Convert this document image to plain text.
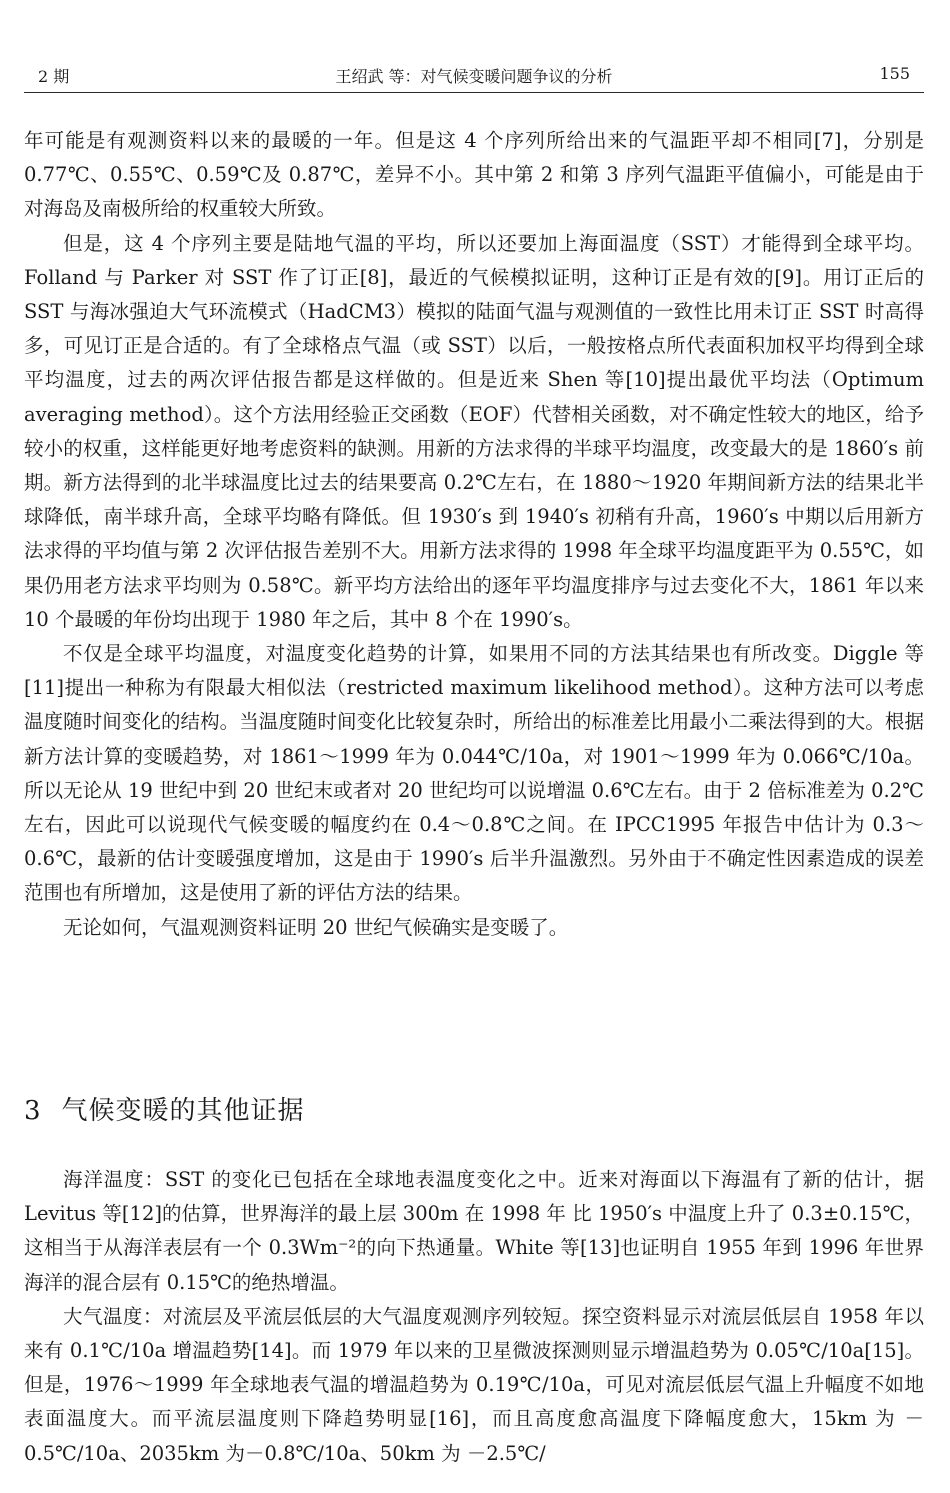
2 期	王绍武 等：对气候变暖问题争议的分析	155

年可能是有观测资料以来的最暖的一年。但是这 4 个序列所给出来的气温距平却不相同[7]，分别是 0.77℃、0.55℃、0.59℃及 0.87℃，差异不小。其中第 2 和第 3 序列气温距平值偏小，可能是由于对海岛及南极所给的权重较大所致。

但是，这 4 个序列主要是陆地气温的平均，所以还要加上海面温度（SST）才能得到全球平均。Folland 与 Parker 对 SST 作了订正[8]，最近的气候模拟证明，这种订正是有效的[9]。用订正后的 SST 与海冰强迫大气环流模式（HadCM3）模拟的陆面气温与观测值的一致性比用未订正 SST 时高得多，可见订正是合适的。有了全球格点气温（或 SST）以后，一般按格点所代表面积加权平均得到全球平均温度，过去的两次评估报告都是这样做的。但是近来 Shen 等[10]提出最优平均法（Optimum averaging method）。这个方法用经验正交函数（EOF）代替相关函数，对不确定性较大的地区，给予较小的权重，这样能更好地考虑资料的缺测。用新的方法求得的半球平均温度，改变最大的是 1860′s 前期。新方法得到的北半球温度比过去的结果要高 0.2℃左右，在 1880～1920 年期间新方法的结果北半球降低，南半球升高，全球平均略有降低。但 1930′s 到 1940′s 初稍有升高，1960′s 中期以后用新方法求得的平均值与第 2 次评估报告差别不大。用新方法求得的 1998 年全球平均温度距平为 0.55℃，如果仍用老方法求平均则为 0.58℃。新平均方法给出的逐年平均温度排序与过去变化不大，1861 年以来 10 个最暖的年份均出现于 1980 年之后，其中 8 个在 1990′s。

不仅是全球平均温度，对温度变化趋势的计算，如果用不同的方法其结果也有所改变。Diggle 等[11]提出一种称为有限最大相似法（restricted maximum likelihood method）。这种方法可以考虑温度随时间变化的结构。当温度随时间变化比较复杂时，所给出的标准差比用最小二乘法得到的大。根据新方法计算的变暖趋势，对 1861～1999 年为 0.044℃/10a，对 1901～1999 年为 0.066℃/10a。所以无论从 19 世纪中到 20 世纪末或者对 20 世纪均可以说增温 0.6℃左右。由于 2 倍标准差为 0.2℃左右，因此可以说现代气候变暖的幅度约在 0.4～0.8℃之间。在 IPCC1995 年报告中估计为 0.3～0.6℃，最新的估计变暖强度增加，这是由于 1990′s 后半升温激烈。另外由于不确定性因素造成的误差范围也有所增加，这是使用了新的评估方法的结果。

无论如何，气温观测资料证明 20 世纪气候确实是变暖了。

3 气候变暖的其他证据

海洋温度：SST 的变化已包括在全球地表温度变化之中。近来对海面以下海温有了新的估计，据 Levitus 等[12]的估算，世界海洋的最上层 300m 在 1998 年 比 1950′s 中温度上升了 0.3±0.15℃，这相当于从海洋表层有一个 0.3Wm⁻²的向下热通量。White 等[13]也证明自 1955 年到 1996 年世界海洋的混合层有 0.15℃的绝热增温。

大气温度：对流层及平流层低层的大气温度观测序列较短。探空资料显示对流层低层自 1958 年以来有 0.1℃/10a 增温趋势[14]。而 1979 年以来的卫星微波探测则显示增温趋势为 0.05℃/10a[15]。但是，1976～1999 年全球地表气温的增温趋势为 0.19℃/10a，可见对流层低层气温上升幅度不如地表面温度大。而平流层温度则下降趋势明显[16]，而且高度愈高温度下降幅度愈大，15km 为 －0.5℃/10a、2035km 为－0.8℃/10a、50km 为 －2.5℃/
